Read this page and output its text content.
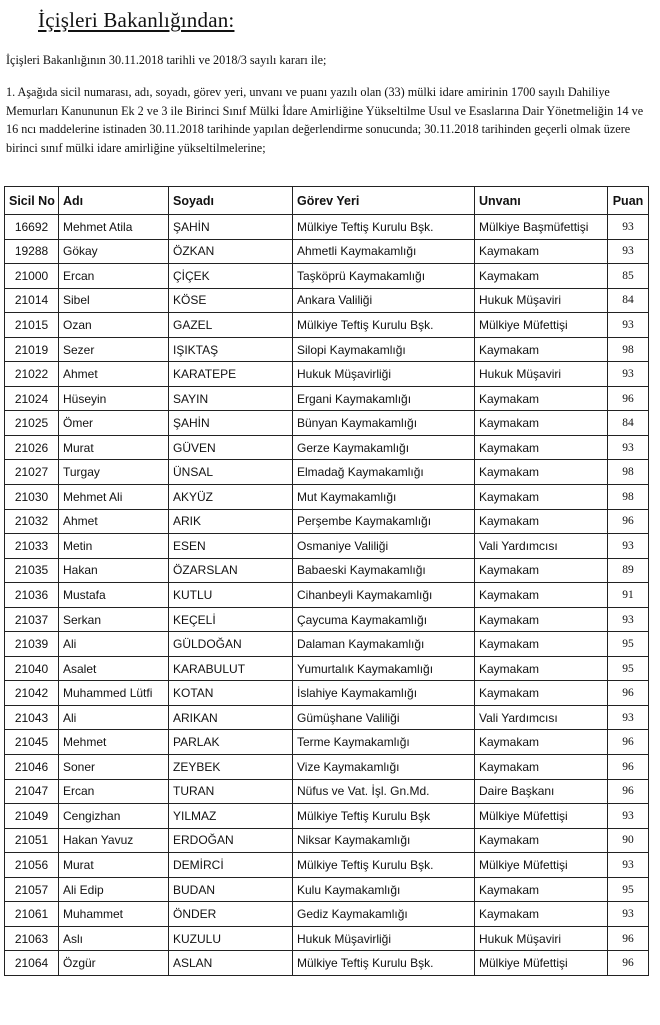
İçişleri Bakanlığından:
İçişleri Bakanlığının 30.11.2018 tarihli ve 2018/3 sayılı kararı ile;
1. Aşağıda sicil numarası, adı, soyadı, görev yeri, unvanı ve puanı yazılı olan (33) mülki idare amirinin 1700 sayılı Dahiliye Memurları Kanununun Ek 2 ve 3 ile Birinci Sınıf Mülki İdare Amirliğine Yükseltilme Usul ve Esaslarına Dair Yönetmeliğin 14 ve 16 ncı maddelerine istinaden 30.11.2018 tarihinde yapılan değerlendirme sonucunda; 30.11.2018 tarihinden geçerli olmak üzere birinci sınıf mülki idare amirliğine yükseltilmelerine;
Sicil No	Adı	Soyadı	Görev Yeri	Unvanı	Puan
16692	Mehmet Atila	ŞAHİN	Mülkiye Teftiş Kurulu Bşk.	Mülkiye Başmüfettişi	93
19288	Gökay	ÖZKAN	Ahmetli Kaymakamlığı	Kaymakam	93
21000	Ercan	ÇİÇEK	Taşköprü Kaymakamlığı	Kaymakam	85
21014	Sibel	KÖSE	Ankara Valiliği	Hukuk Müşaviri	84
21015	Ozan	GAZEL	Mülkiye Teftiş Kurulu Bşk.	Mülkiye Müfettişi	93
21019	Sezer	IŞIKTAŞ	Silopi Kaymakamlığı	Kaymakam	98
21022	Ahmet	KARATEPE	Hukuk Müşavirliği	Hukuk Müşaviri	93
21024	Hüseyin	SAYIN	Ergani Kaymakamlığı	Kaymakam	96
21025	Ömer	ŞAHİN	Bünyan Kaymakamlığı	Kaymakam	84
21026	Murat	GÜVEN	Gerze Kaymakamlığı	Kaymakam	93
21027	Turgay	ÜNSAL	Elmadağ Kaymakamlığı	Kaymakam	98
21030	Mehmet Ali	AKYÜZ	Mut Kaymakamlığı	Kaymakam	98
21032	Ahmet	ARIK	Perşembe Kaymakamlığı	Kaymakam	96
21033	Metin	ESEN	Osmaniye Valiliği	Vali Yardımcısı	93
21035	Hakan	ÖZARSLAN	Babaeski Kaymakamlığı	Kaymakam	89
21036	Mustafa	KUTLU	Cihanbeyli Kaymakamlığı	Kaymakam	91
21037	Serkan	KEÇELİ	Çaycuma Kaymakamlığı	Kaymakam	93
21039	Ali	GÜLDOĞAN	Dalaman Kaymakamlığı	Kaymakam	95
21040	Asalet	KARABULUT	Yumurtalık Kaymakamlığı	Kaymakam	95
21042	Muhammed Lütfi	KOTAN	İslahiye Kaymakamlığı	Kaymakam	96
21043	Ali	ARIKAN	Gümüşhane Valiliği	Vali Yardımcısı	93
21045	Mehmet	PARLAK	Terme Kaymakamlığı	Kaymakam	96
21046	Soner	ZEYBEK	Vize Kaymakamlığı	Kaymakam	96
21047	Ercan	TURAN	Nüfus ve Vat. İşl. Gn.Md.	Daire Başkanı	96
21049	Cengizhan	YILMAZ	Mülkiye Teftiş Kurulu Bşk	Mülkiye Müfettişi	93
21051	Hakan Yavuz	ERDOĞAN	Niksar Kaymakamlığı	Kaymakam	90
21056	Murat	DEMİRCİ	Mülkiye Teftiş Kurulu Bşk.	Mülkiye Müfettişi	93
21057	Ali Edip	BUDAN	Kulu Kaymakamlığı	Kaymakam	95
21061	Muhammet	ÖNDER	Gediz Kaymakamlığı	Kaymakam	93
21063	Aslı	KUZULU	Hukuk Müşavirliği	Hukuk Müşaviri	96
21064	Özgür	ASLAN	Mülkiye Teftiş Kurulu Bşk.	Mülkiye Müfettişi	96
